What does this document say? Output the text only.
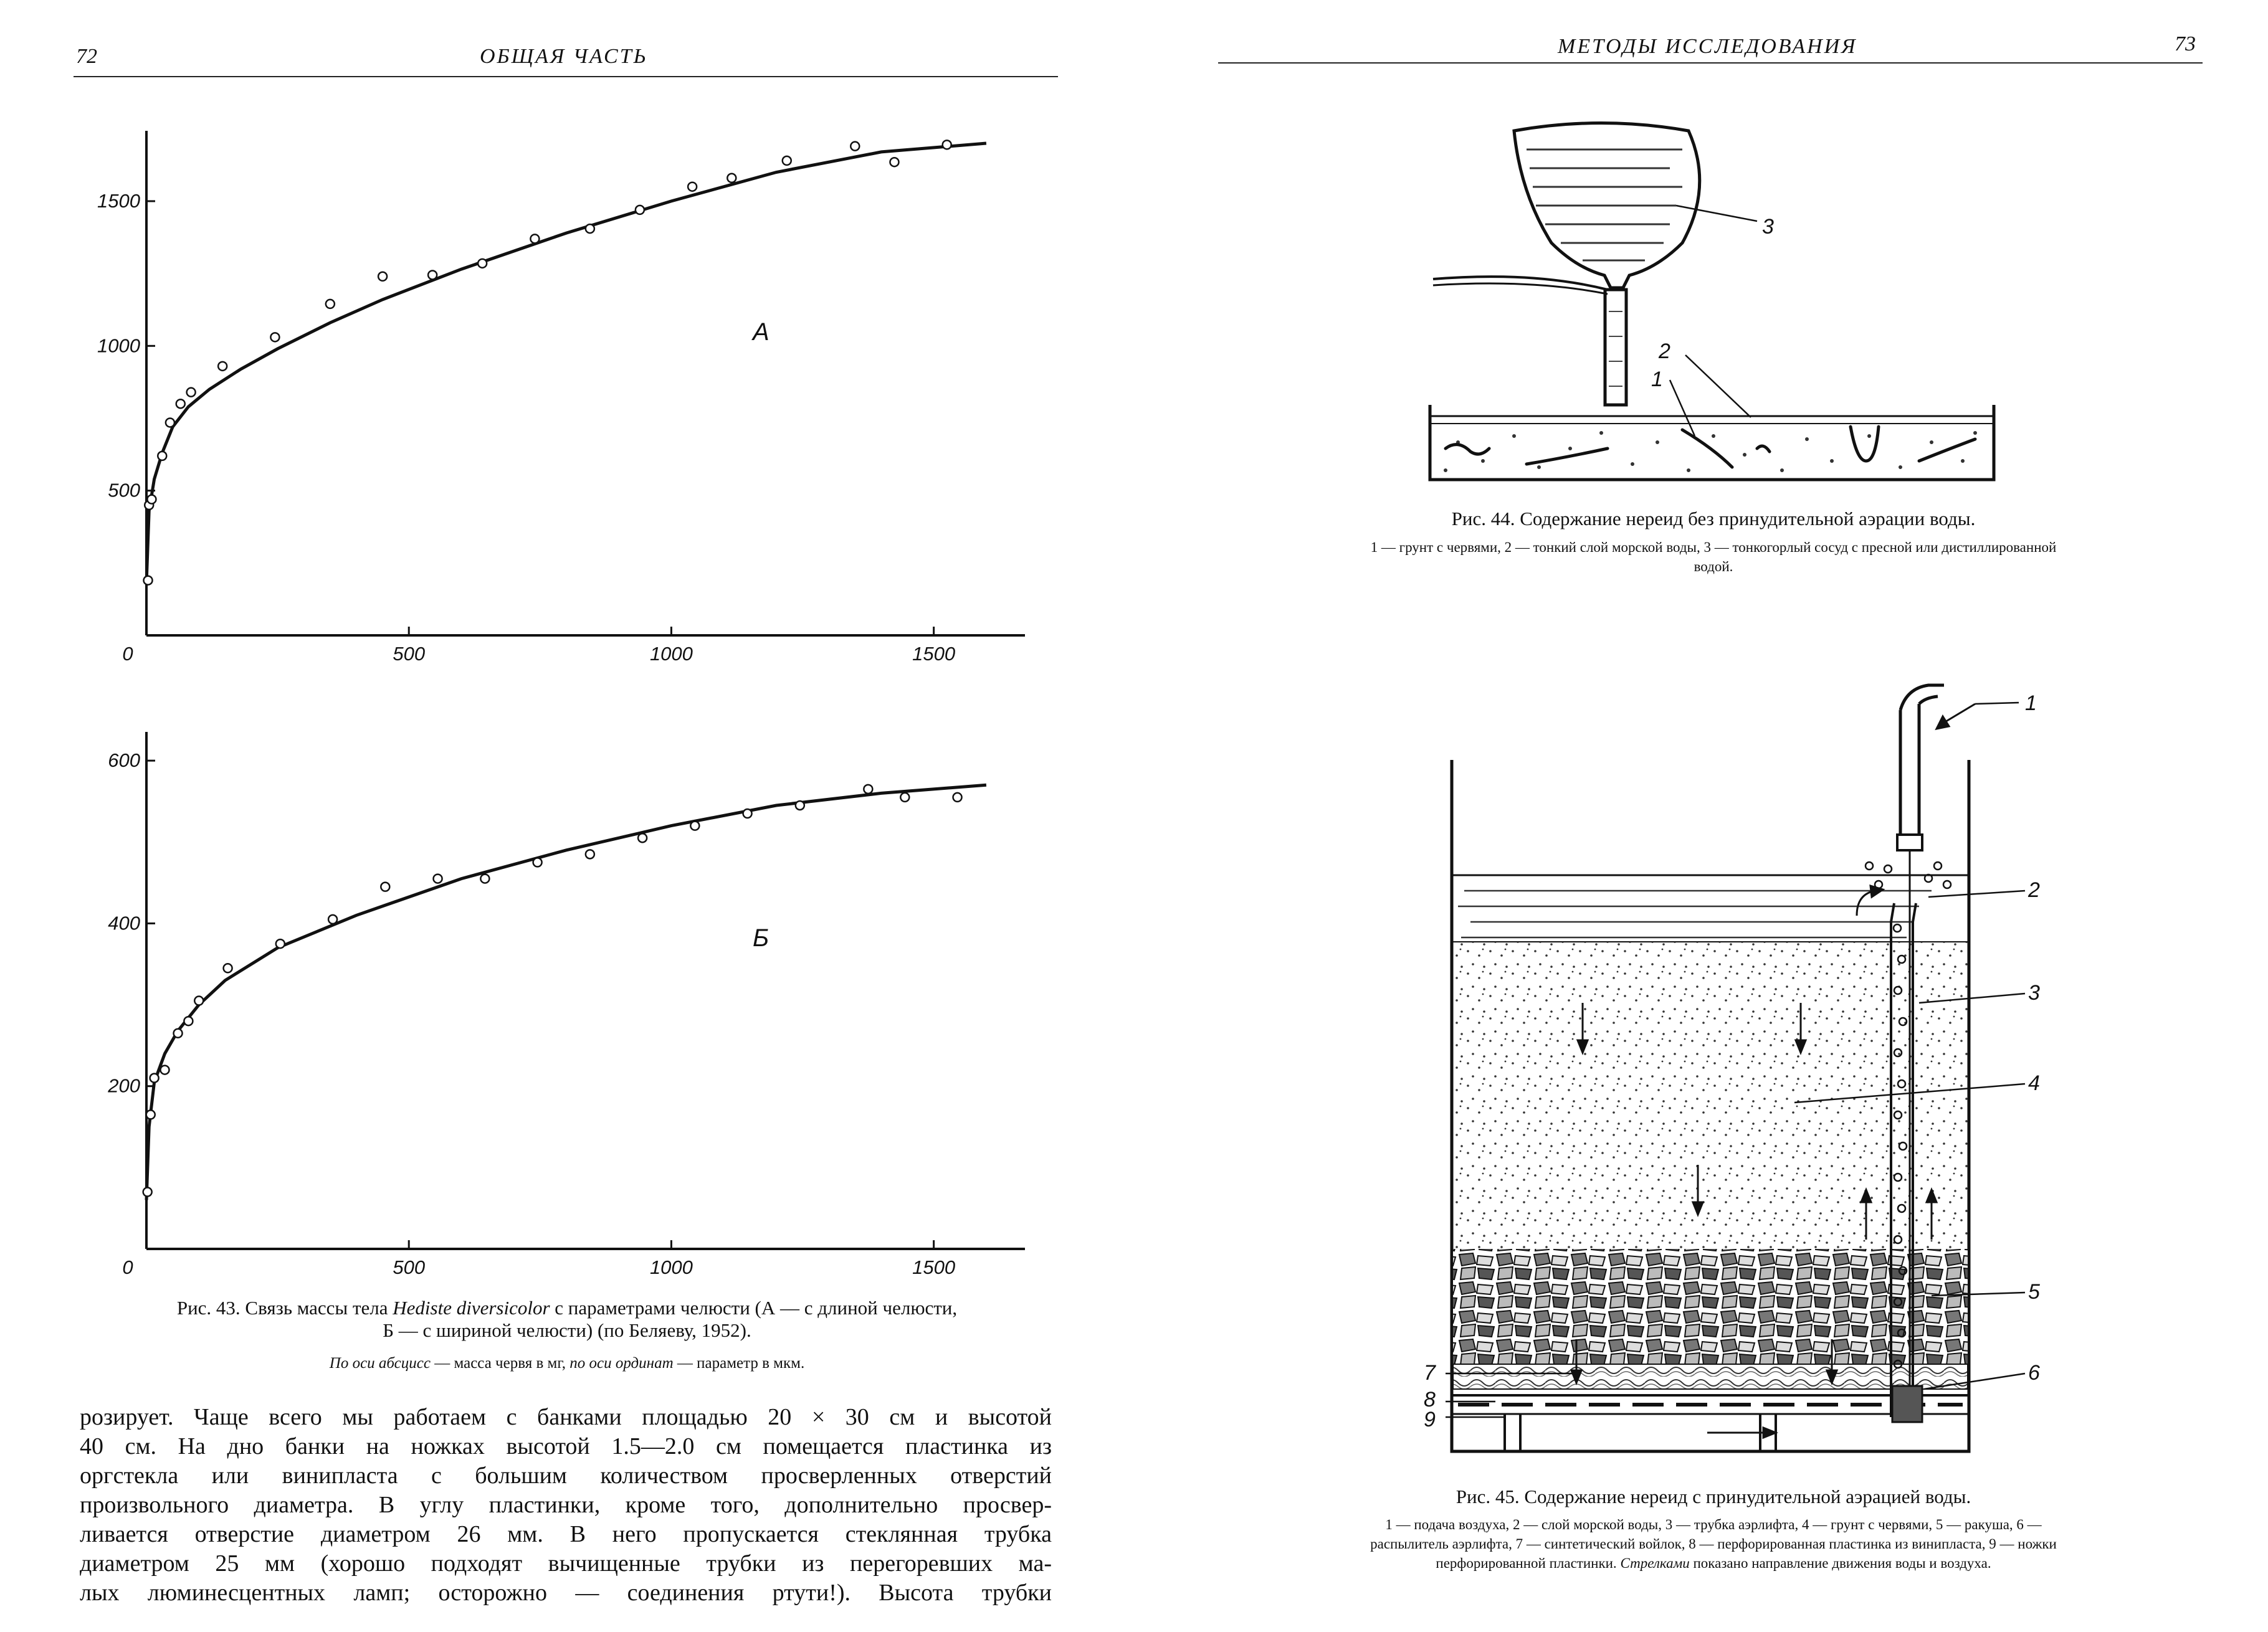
72	ОБЩАЯ ЧАСТЬ
0	500	1000	1500
500
1000
1500
А
0	500	1000	1500
200
400
600
Б
Рис. 43. Связь массы тела Hediste diversicolor с параметрами челюсти (А — с длиной челюсти,
Б — с шириной челюсти) (по Беляеву, 1952).
По оси абсцисс — масса червя в мг, по оси ординат — параметр в мкм.

розирует. Чаще всего мы работаем с банками площадью 20 × 30 см и высотой

40 см. На дно банки на ножках высотой 1.5—2.0 см помещается пластинка из

оргстекла или винипласта с большим количеством просверленных отверстий

произвольного диаметра. В углу пластинки, кроме того, дополнительно просвер-

ливается отверстие диаметром 26 мм. В него пропускается стеклянная трубка

диаметром 25 мм (хорошо подходят вычищенные трубки из перегоревших ма-

лых люминесцентных ламп; осторожно — соединения ртути!). Высота трубки

МЕТОДЫ ИССЛЕДОВАНИЯ	73
3
2
1
Рис. 44. Содержание нереид без принудительной аэрации воды.
1 — грунт с червями, 2 — тонкий слой морской воды, 3 — тонкогорлый сосуд с пресной или дистиллированной
водой.
1
2
3
4
5
6
7
8
9
Рис. 45. Содержание нереид с принудительной аэрацией воды.
1 — подача воздуха, 2 — слой морской воды, 3 — трубка аэрлифта, 4 — грунт с червями, 5 — ракуша, 6 —
распылитель аэрлифта, 7 — синтетический войлок, 8 — перфорированная пластинка из винипласта, 9 — ножки
перфорированной пластинки. Стрелками показано направление движения воды и воздуха.
